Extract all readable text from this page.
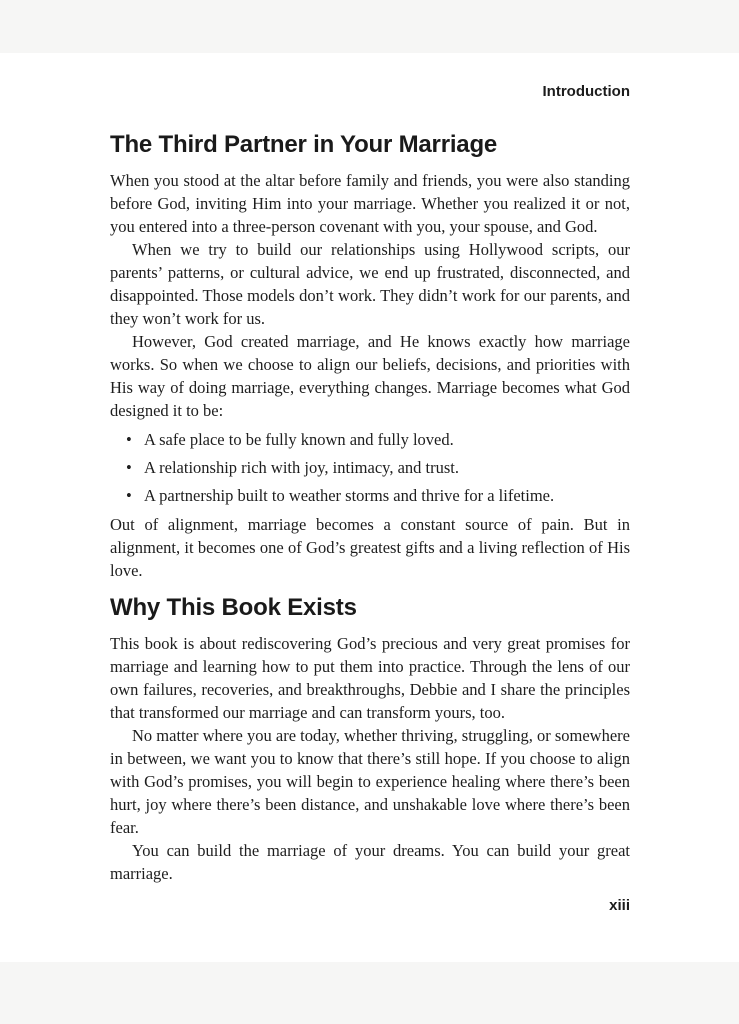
Introduction
The Third Partner in Your Marriage

When you stood at the altar before family and friends, you were also standing before God, inviting Him into your marriage. Whether you realized it or not, you entered into a three-person covenant with you, your spouse, and God.

When we try to build our relationships using Hollywood scripts, our parents’ patterns, or cultural advice, we end up frustrated, disconnected, and disappointed. Those models don’t work. They didn’t work for our parents, and they won’t work for us.

However, God created marriage, and He knows exactly how marriage works. So when we choose to align our beliefs, decisions, and priorities with His way of doing marriage, everything changes. Marriage becomes what God designed it to be:

• A safe place to be fully known and fully loved.
• A relationship rich with joy, intimacy, and trust.
• A partnership built to weather storms and thrive for a lifetime.

Out of alignment, marriage becomes a constant source of pain. But in alignment, it becomes one of God’s greatest gifts and a living reflection of His love.

Why This Book Exists

This book is about rediscovering God’s precious and very great promises for marriage and learning how to put them into practice. Through the lens of our own failures, recoveries, and breakthroughs, Debbie and I share the principles that transformed our marriage and can transform yours, too.

No matter where you are today, whether thriving, struggling, or somewhere in between, we want you to know that there’s still hope. If you choose to align with God’s promises, you will begin to experience healing where there’s been hurt, joy where there’s been distance, and unshakable love where there’s been fear.

You can build the marriage of your dreams. You can build your great marriage.

xiii
